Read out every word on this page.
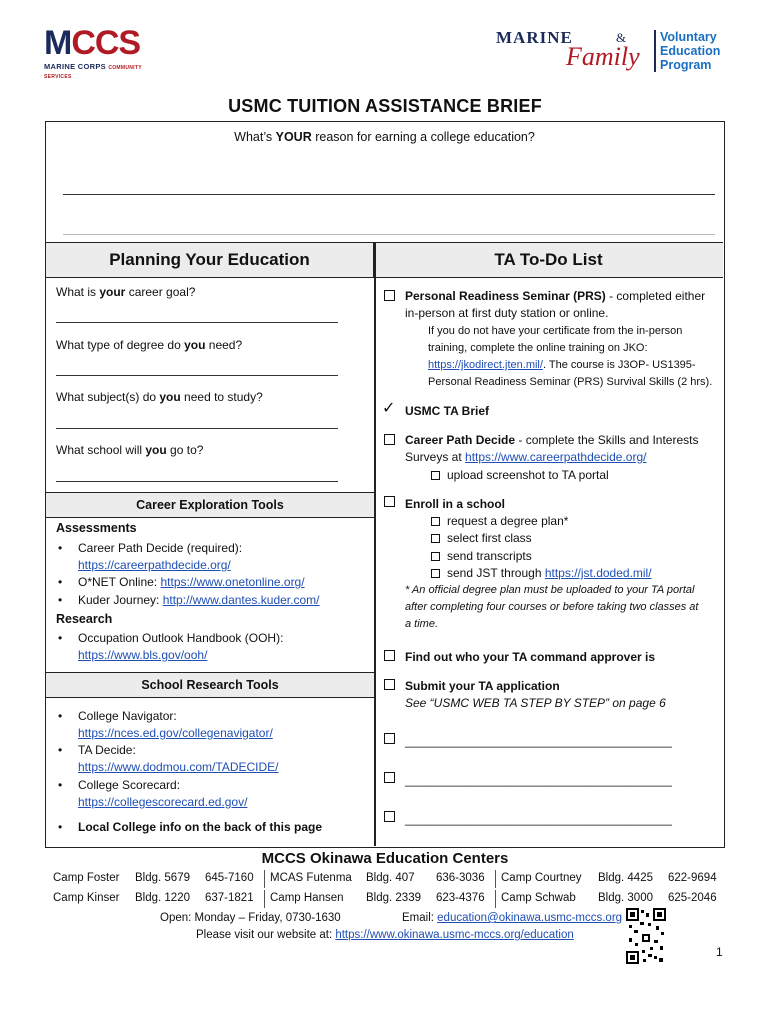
MCCS
MARINE CORPS COMMUNITY SERVICES
MARINE	&
Family
Voluntary
Education
Program
USMC TUITION ASSISTANCE BRIEF
What’s YOUR reason for earning a college education?
Planning Your Education	TA To-Do List
What is your career goal?
What type of degree do you need?
What subject(s) do you need to study?
What school will you go to?
Career Exploration Tools
Assessments
• Career Path Decide (required):
https://careerpathdecide.org/
• O*NET Online: https://www.onetonline.org/
• Kuder Journey: http://www.dantes.kuder.com/
Research
• Occupation Outlook Handbook (OOH):
https://www.bls.gov/ooh/
School Research Tools
• College Navigator:
https://nces.ed.gov/collegenavigator/
• TA Decide:
https://www.dodmou.com/TADECIDE/
• College Scorecard:
https://collegescorecard.ed.gov/
• Local College info on the back of this page
Personal Readiness Seminar (PRS) - completed either
in-person at first duty station or online.
If you do not have your certificate from the in-person
training, complete the online training on JKO:
https://jkodirect.jten.mil/. The course is J3OP- US1395-
Personal Readiness Seminar (PRS) Survival Skills (2 hrs).
✓ USMC TA Brief
Career Path Decide - complete the Skills and Interests
Surveys at https://www.careerpathdecide.org/
upload screenshot to TA portal
Enroll in a school
request a degree plan*
select first class
send transcripts
send JST through https://jst.doded.mil/
* An official degree plan must be uploaded to your TA portal
after completing four courses or before taking two classes at
a time.
Find out who your TA command approver is
Submit your TA application
See “USMC WEB TA STEP BY STEP” on page 6
________________________________________
________________________________________
________________________________________
MCCS Okinawa Education Centers
Camp Foster Bldg. 5679 645-7160 MCAS Futenma Bldg. 407 636-3036 Camp Courtney Bldg. 4425 622-9694
Camp Kinser Bldg. 1220 637-1821 Camp Hansen Bldg. 2339 623-4376 Camp Schwab Bldg. 3000 625-2046
Open: Monday – Friday, 0730-1630	Email: education@okinawa.usmc-mccs.org
Please visit our website at: https://www.okinawa.usmc-mccs.org/education
1
